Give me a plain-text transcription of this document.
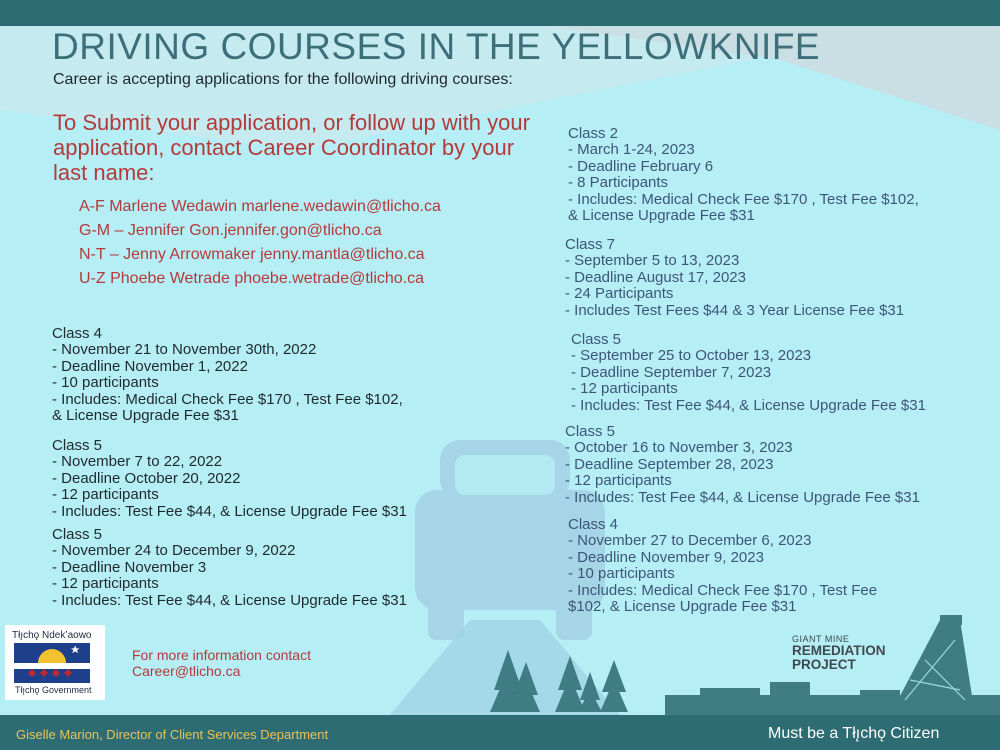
DRIVING COURSES IN THE YELLOWKNIFE
Career is accepting applications for the following driving courses:
To Submit your application, or follow up with your application, contact Career Coordinator by your last name:
A-F Marlene Wedawin marlene.wedawin@tlicho.ca
G-M – Jennifer Gon.jennifer.gon@tlicho.ca
N-T – Jenny Arrowmaker jenny.mantla@tlicho.ca
U-Z Phoebe Wetrade phoebe.wetrade@tlicho.ca
Class 4
- November 21 to November 30th, 2022
- Deadline November 1, 2022
- 10 participants
- Includes: Medical Check Fee $170 , Test Fee $102,
& License Upgrade Fee $31
Class 5
- November 7 to 22, 2022
- Deadline October 20, 2022
- 12 participants
- Includes: Test Fee $44, & License Upgrade Fee $31
Class 5
- November 24 to December 9, 2022
- Deadline November 3
- 12 participants
- Includes: Test Fee $44, & License Upgrade Fee $31
Class 2
- March 1-24, 2023
- Deadline February 6
- 8 Participants
- Includes: Medical Check Fee $170 , Test Fee $102,
& License Upgrade Fee $31
Class 7
- September 5 to 13, 2023
- Deadline August 17, 2023
- 24 Participants
- Includes Test Fees $44 & 3 Year License Fee $31
Class 5
- September 25 to October 13, 2023
- Deadline September 7, 2023
- 12 participants
- Includes: Test Fee $44, & License Upgrade Fee $31
Class 5
- October 16 to November 3, 2023
- Deadline September 28, 2023
- 12 participants
- Includes: Test Fee $44, & License Upgrade Fee $31
Class 4
- November 27 to December 6, 2023
- Deadline November 9, 2023
- 10 participants
- Includes: Medical Check Fee $170 , Test Fee
$102, & License Upgrade Fee $31
Tłı̨chǫ Ndek’aowo
Tłı̨chǫ Government
For more information contact
Career@tlicho.ca
GIANT MINE
REMEDIATION
PROJECT
Giselle Marion, Director of Client Services Department	Must be a Tłı̨chǫ Citizen
